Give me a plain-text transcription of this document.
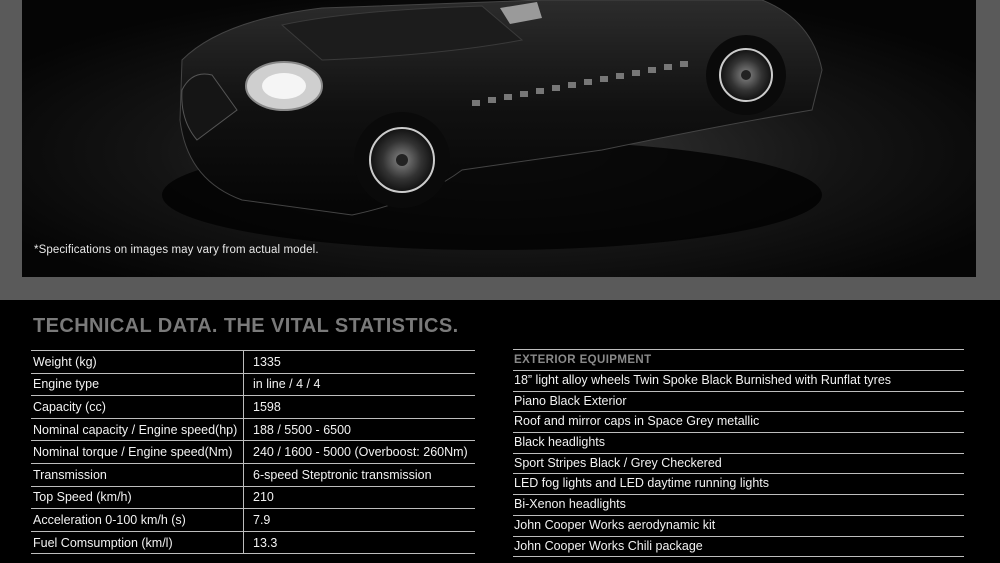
*Specifications on images may vary from actual model.
TECHNICAL DATA. THE VITAL STATISTICS.
Weight (kg)	1335
Engine type	in line / 4 / 4
Capacity (cc)	1598
Nominal capacity / Engine speed(hp)	188 / 5500 - 6500
Nominal torque / Engine speed(Nm)	240 / 1600 - 5000 (Overboost: 260Nm)
Transmission	6-speed Steptronic transmission
Top Speed (km/h)	210
Acceleration 0-100 km/h (s)	7.9
Fuel Comsumption (km/l)	13.3
EXTERIOR EQUIPMENT
18” light alloy wheels Twin Spoke Black Burnished with Runflat tyres
Piano Black Exterior
Roof and mirror caps in Space Grey metallic
Black headlights
Sport Stripes Black / Grey Checkered
LED fog lights and LED daytime running lights
Bi-Xenon headlights
John Cooper Works aerodynamic kit
John Cooper Works Chili package
